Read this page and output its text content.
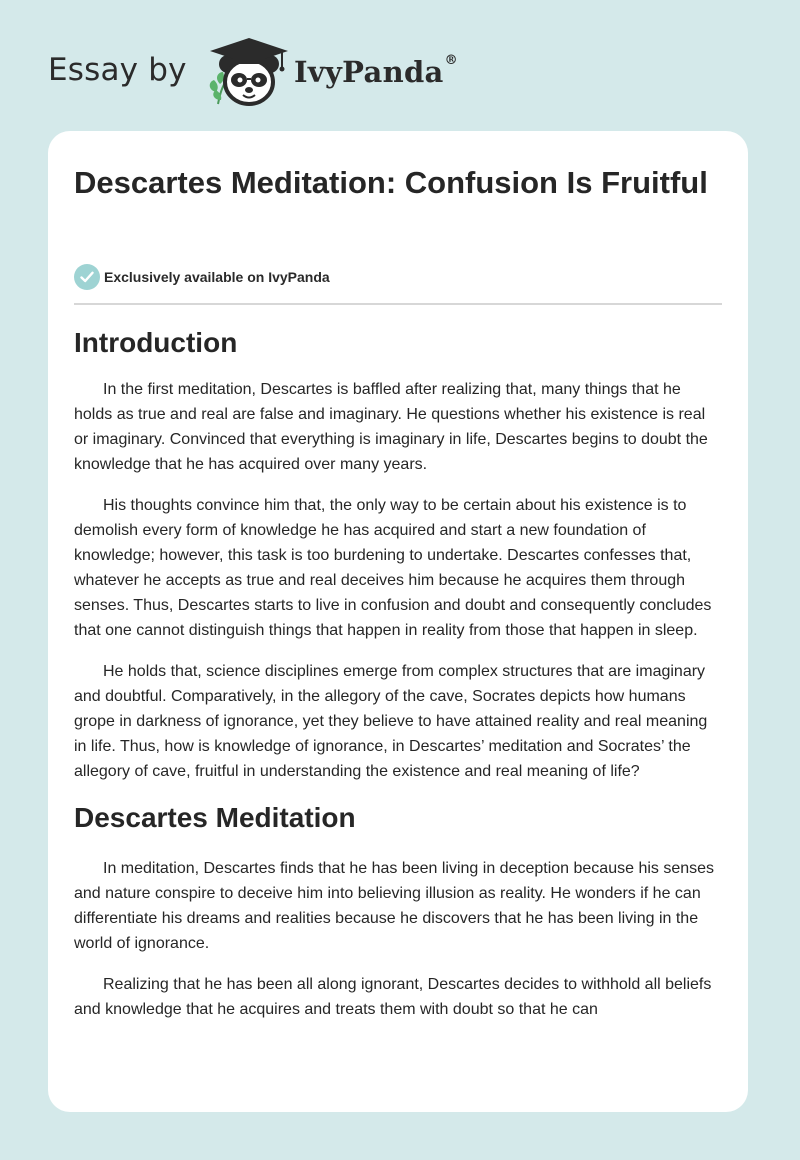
Essay by	IvyPanda®
Descartes Meditation: Confusion Is Fruitful
Exclusively available on IvyPanda
Introduction

In the first meditation, Descartes is baffled after realizing that, many things that he holds as true and real are false and imaginary. He questions whether his existence is real or imaginary. Convinced that everything is imaginary in life, Descartes begins to doubt the knowledge that he has acquired over many years.

His thoughts convince him that, the only way to be certain about his existence is to demolish every form of knowledge he has acquired and start a new foundation of knowledge; however, this task is too burdening to undertake. Descartes confesses that, whatever he accepts as true and real deceives him because he acquires them through senses. Thus, Descartes starts to live in confusion and doubt and consequently concludes that one cannot distinguish things that happen in reality from those that happen in sleep.

He holds that, science disciplines emerge from complex structures that are imaginary and doubtful. Comparatively, in the allegory of the cave, Socrates depicts how humans grope in darkness of ignorance, yet they believe to have attained reality and real meaning in life. Thus, how is knowledge of ignorance, in Descartes’ meditation and Socrates’ the allegory of cave, fruitful in understanding the existence and real meaning of life?

Descartes Meditation

In meditation, Descartes finds that he has been living in deception because his senses and nature conspire to deceive him into believing illusion as reality. He wonders if he can differentiate his dreams and realities because he discovers that he has been living in the world of ignorance.

Realizing that he has been all along ignorant, Descartes decides to withhold all beliefs and knowledge that he acquires and treats them with doubt so that he can
